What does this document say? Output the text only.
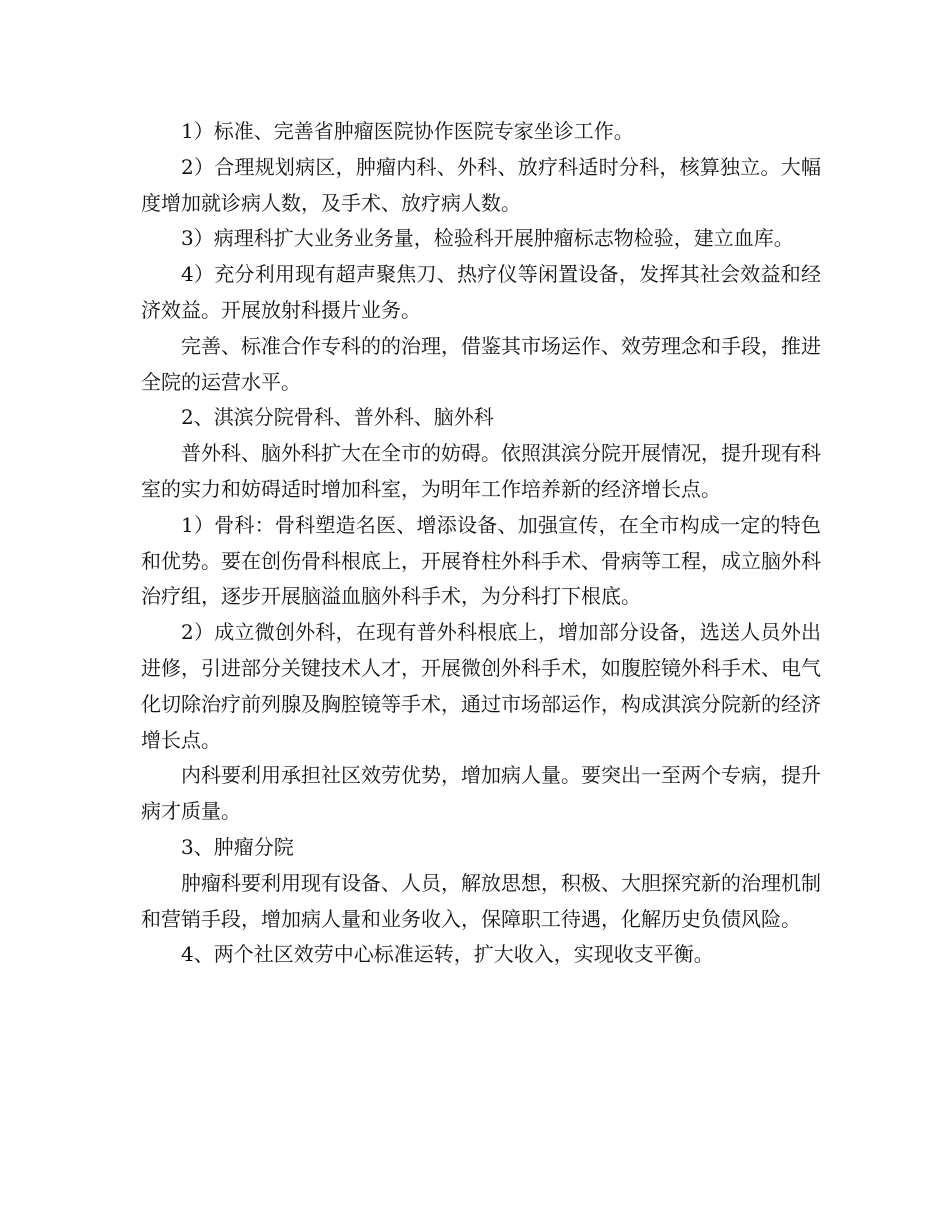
1）标准、完善省肿瘤医院协作医院专家坐诊工作。

2）合理规划病区，肿瘤内科、外科、放疗科适时分科，核算独立。大幅度增加就诊病人数，及手术、放疗病人数。

3）病理科扩大业务业务量，检验科开展肿瘤标志物检验，建立血库。

4）充分利用现有超声聚焦刀、热疗仪等闲置设备，发挥其社会效益和经济效益。开展放射科摄片业务。

完善、标准合作专科的的治理，借鉴其市场运作、效劳理念和手段，推进全院的运营水平。

2、淇滨分院骨科、普外科、脑外科

普外科、脑外科扩大在全市的妨碍。依照淇滨分院开展情况，提升现有科室的实力和妨碍适时增加科室，为明年工作培养新的经济增长点。

1）骨科：骨科塑造名医、增添设备、加强宣传，在全市构成一定的特色和优势。要在创伤骨科根底上，开展脊柱外科手术、骨病等工程，成立脑外科治疗组，逐步开展脑溢血脑外科手术，为分科打下根底。

2）成立微创外科，在现有普外科根底上，增加部分设备，选送人员外出进修，引进部分关键技术人才，开展微创外科手术，如腹腔镜外科手术、电气化切除治疗前列腺及胸腔镜等手术，通过市场部运作，构成淇滨分院新的经济增长点。

内科要利用承担社区效劳优势，增加病人量。要突出一至两个专病，提升病才质量。

3、肿瘤分院

肿瘤科要利用现有设备、人员，解放思想，积极、大胆探究新的治理机制和营销手段，增加病人量和业务收入，保障职工待遇，化解历史负债风险。

4、两个社区效劳中心标准运转，扩大收入，实现收支平衡。
